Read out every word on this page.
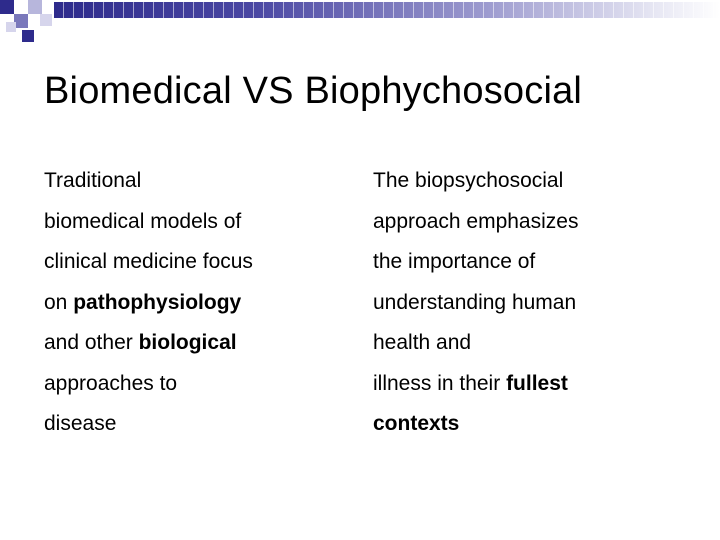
Biomedical VS Biophychosocial
Traditional
biomedical models of
clinical medicine focus
on pathophysiology
and other biological
approaches to
disease
The biopsychosocial
approach emphasizes
the importance of
understanding human
health and
illness in their fullest
contexts
